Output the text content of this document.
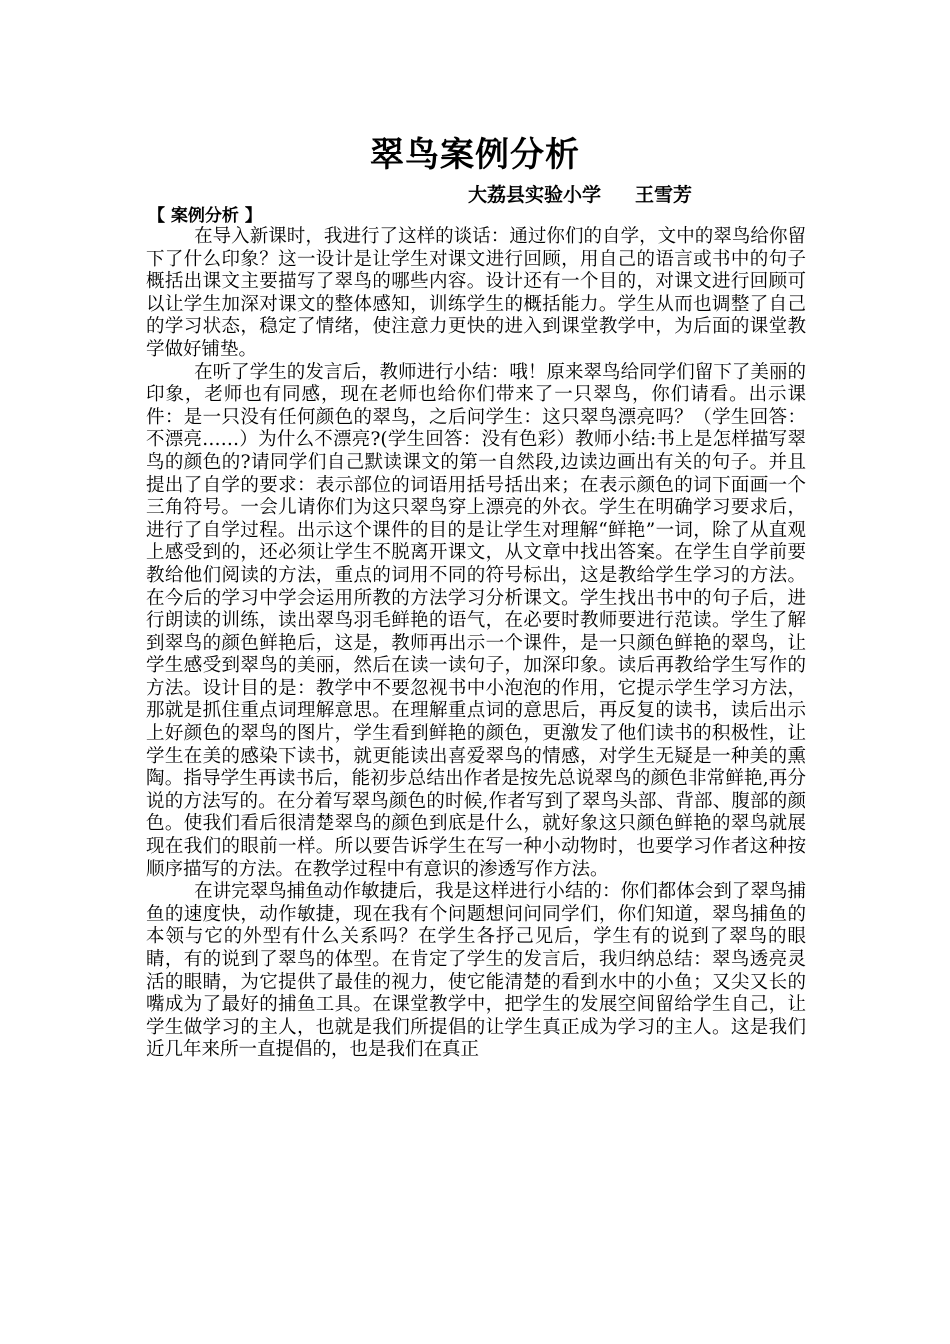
翠鸟案例分析
大荔县实验小学 王雪芳
【 案例分析 】

在导入新课时，我进行了这样的谈话：通过你们的自学，文中的翠鸟给你留下了什么印象？这一设计是让学生对课文进行回顾，用自己的语言或书中的句子概括出课文主要描写了翠鸟的哪些内容。设计还有一个目的，对课文进行回顾可以让学生加深对课文的整体感知，训练学生的概括能力。学生从而也调整了自己的学习状态，稳定了情绪，使注意力更快的进入到课堂教学中，为后面的课堂教学做好铺垫。

在听了学生的发言后，教师进行小结：哦！原来翠鸟给同学们留下了美丽的印象，老师也有同感，现在老师也给你们带来了一只翠鸟，你们请看。出示课件：是一只没有任何颜色的翠鸟，之后问学生：这只翠鸟漂亮吗？（学生回答：不漂亮……）为什么不漂亮?(学生回答：没有色彩）教师小结:书上是怎样描写翠鸟的颜色的?请同学们自己默读课文的第一自然段,边读边画出有关的句子。并且提出了自学的要求：表示部位的词语用括号括出来；在表示颜色的词下面画一个三角符号。一会儿请你们为这只翠鸟穿上漂亮的外衣。学生在明确学习要求后，进行了自学过程。出示这个课件的目的是让学生对理解“鲜艳”一词，除了从直观上感受到的，还必须让学生不脱离开课文，从文章中找出答案。在学生自学前要教给他们阅读的方法，重点的词用不同的符号标出，这是教给学生学习的方法。在今后的学习中学会运用所教的方法学习分析课文。学生找出书中的句子后，进行朗读的训练，读出翠鸟羽毛鲜艳的语气，在必要时教师要进行范读。学生了解到翠鸟的颜色鲜艳后，这是，教师再出示一个课件，是一只颜色鲜艳的翠鸟，让学生感受到翠鸟的美丽，然后在读一读句子，加深印象。读后再教给学生写作的方法。设计目的是：教学中不要忽视书中小泡泡的作用，它提示学生学习方法，那就是抓住重点词理解意思。在理解重点词的意思后，再反复的读书，读后出示上好颜色的翠鸟的图片，学生看到鲜艳的颜色，更激发了他们读书的积极性，让学生在美的感染下读书，就更能读出喜爱翠鸟的情感，对学生无疑是一种美的熏陶。指导学生再读书后，能初步总结出作者是按先总说翠鸟的颜色非常鲜艳,再分说的方法写的。在分着写翠鸟颜色的时候,作者写到了翠鸟头部、背部、腹部的颜色。使我们看后很清楚翠鸟的颜色到底是什么，就好象这只颜色鲜艳的翠鸟就展现在我们的眼前一样。所以要告诉学生在写一种小动物时，也要学习作者这种按顺序描写的方法。在教学过程中有意识的渗透写作方法。

在讲完翠鸟捕鱼动作敏捷后，我是这样进行小结的：你们都体会到了翠鸟捕鱼的速度快，动作敏捷，现在我有个问题想问问同学们，你们知道，翠鸟捕鱼的本领与它的外型有什么关系吗？在学生各抒己见后，学生有的说到了翠鸟的眼睛，有的说到了翠鸟的体型。在肯定了学生的发言后，我归纳总结：翠鸟透亮灵活的眼睛，为它提供了最佳的视力，使它能清楚的看到水中的小鱼；又尖又长的嘴成为了最好的捕鱼工具。在课堂教学中，把学生的发展空间留给学生自己，让学生做学习的主人，也就是我们所提倡的让学生真正成为学习的主人。这是我们近几年来所一直提倡的，也是我们在真正
